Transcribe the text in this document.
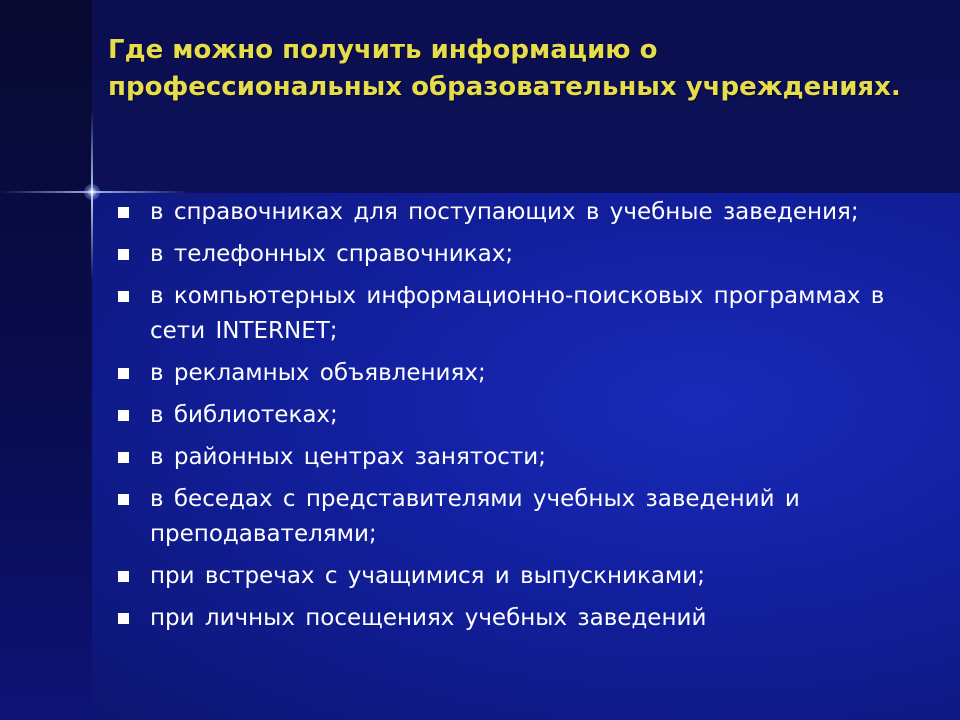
Где можно получить информацию о профессиональных образовательных учреждениях.
в справочниках для поступающих в учебные заведения;
в телефонных справочниках;
в компьютерных информационно-поисковых программах в сети INTERNET;
в рекламных объявлениях;
в библиотеках;
в районных центрах занятости;
в беседах с представителями учебных заведений и преподавателями;
при встречах с учащимися и выпускниками;
при личных посещениях учебных заведений
